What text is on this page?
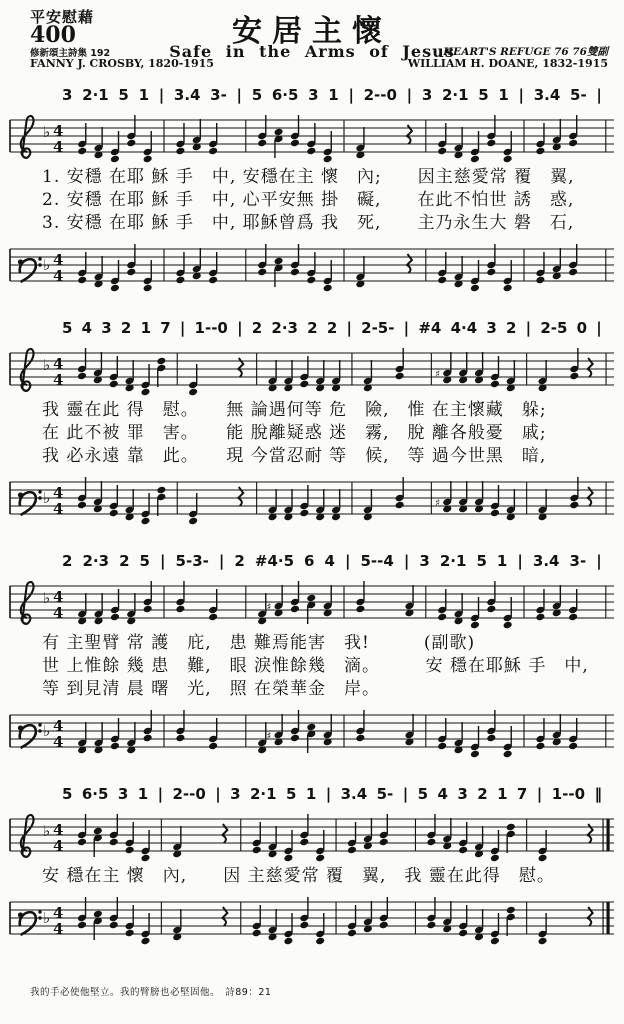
平安慰藉
400	安居主懷
Safe in the Arms of Jesus
修新頌主詩集 192
FANNY J. CROSBY, 1820-1915
HEART'S REFUGE 76 76雙副
WILLIAM H. DOANE, 1832-1915
3 2·1 5 1 | 3.4 3- | 5 6·5 3 1 | 2--0 | 3 2·1 5 1 | 3.4 5- |
♭ 4
4
1. 安穩 在耶 穌 手　中, 安穩在主 懷　內;　　因主慈愛常 覆　翼,
2. 安穩 在耶 穌 手　中, 心平安無 掛　礙,　　在此不怕世 誘　惑,
3. 安穩 在耶 穌 手　中, 耶穌曾爲 我　死,　　主乃永生大 磐　石,
♭ 4
4
5 4 3 2 1 7 | 1--0 | 2 2·3 2 2 | 2-5- | #4 4·4 3 2 | 2-5 0 |
♭ 4
4	♯
我 靈在此 得　慰。　　無 論遇何等 危　險,　惟 在主懷藏　躲;
在 此不被 罪　害。　　能 脫離疑惑 迷　霧,　脫 離各般憂　戚;
我 必永遠 靠　此。　　現 今當忍耐 等　候,　等 過今世黑　暗,
♭ 4
4	♯
2 2·3 2 5 | 5-3- | 2 #4·5 6 4 | 5--4 | 3 2·1 5 1 | 3.4 3- |
♭ 4
4	♯
有 主聖臂 常 護　庇,　患 難焉能害　我!　　　(副歌)
世 上惟餘 幾 患　難,　眼 淚惟餘幾　滴。　　　安 穩在耶穌 手　中,
等 到見清 晨 曙　光,　照 在榮華金　岸。
♭ 4
4	♯
5 6·5 3 1 | 2--0 | 3 2·1 5 1 | 3.4 5- | 5 4 3 2 1 7 | 1--0 ‖
♭ 4
4
安 穩在主 懷　內,　　因 主慈愛常 覆　翼,　我 靈在此得　慰。
♭ 4
4
我的手必使他堅立。我的臂膀也必堅固他。　詩89：21
